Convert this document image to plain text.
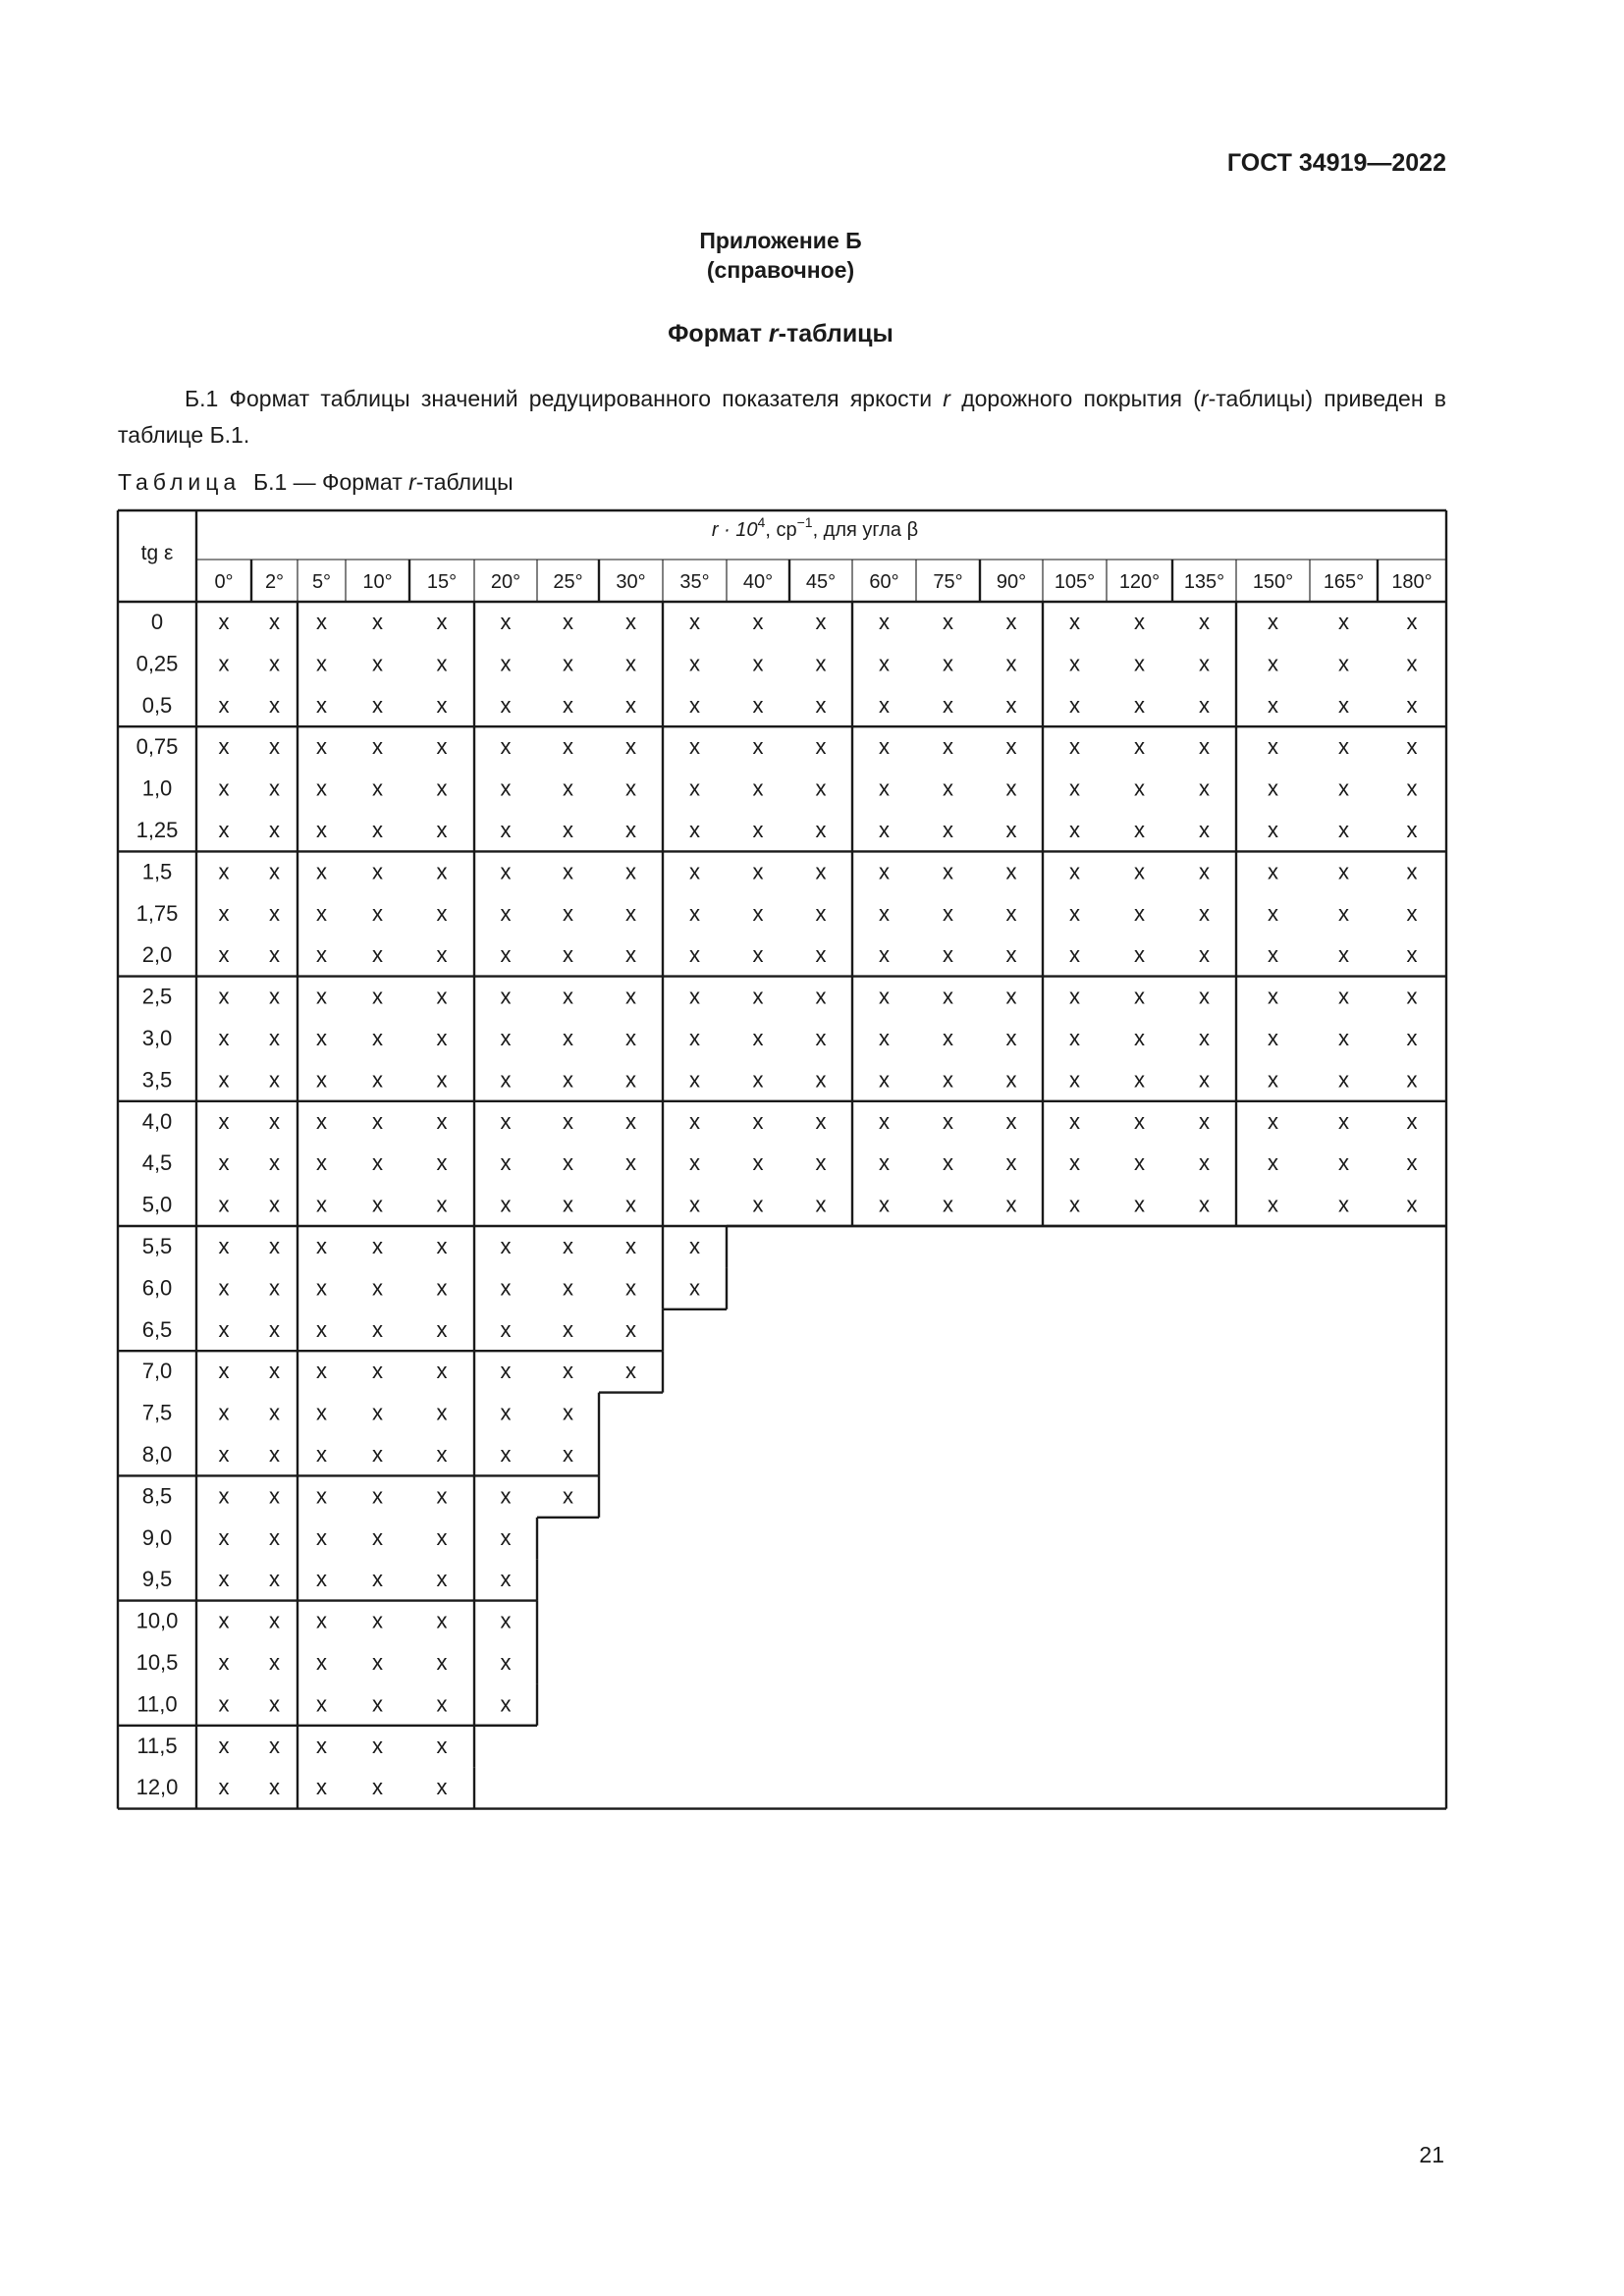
ГОСТ 34919—2022
Приложение Б
(справочное)
Формат r-таблицы

Б.1 Формат таблицы значений редуцированного показателя яркости r дорожного покрытия (r-таблицы) приведен в таблице Б.1.

Таблица Б.1 — Формат r-таблицы
tg ε
$r \cdot 10^4$, $ср^{-1}$, для угла β
0° 2° 5° 10° 15° 20° 25° 30° 35° 40° 45° 60° 75° 90° 105° 120° 135° 150° 165° 180°
0	x x x x x x x x x x x x x x x	x	x	x	x	x
0,25 x x x x x x x x x x x x x x x	x	x	x	x	x
0,5 x x x x x x x x x x x x x x x	x	x	x	x	x
0,75 x x x x x x x x x x x x x x x	x	x	x	x	x
1,0 x x x x x x x x x x x x x x x	x	x	x	x	x
1,25 x x x x x x x x x x x x x x x	x	x	x	x	x
1,5 x x x x x x x x x x x x x x x	x	x	x	x	x
1,75 x x x x x x x x x x x x x x x	x	x	x	x	x
2,0 x x x x x x x x x x x x x x x	x	x	x	x	x
2,5 x x x x x x x x x x x x x x x	x	x	x	x	x
3,0 x x x x x x x x x x x x x x x	x	x	x	x	x
3,5 x x x x x x x x x x x x x x x	x	x	x	x	x
4,0 x x x x x x x x x x x x x x x	x	x	x	x	x
4,5 x x x x x x x x x x x x x x x	x	x	x	x	x
5,0 x x x x x x x x x x x x x x x	x	x	x	x	x
5,5 x x x x x x x x x
6,0 x x x x x x x x x
6,5 x x x x x x x x
7,0 x x x x x x x x
7,5 x x x x x x x
8,0 x x x x x x x
8,5 x x x x x x x
9,0 x x x x x x
9,5 x x x x x x
10,0 x x x x x x
10,5 x x x x x x
11,0 x x x x x x
11,5 x x x x x
12,0 x x x x x
21
